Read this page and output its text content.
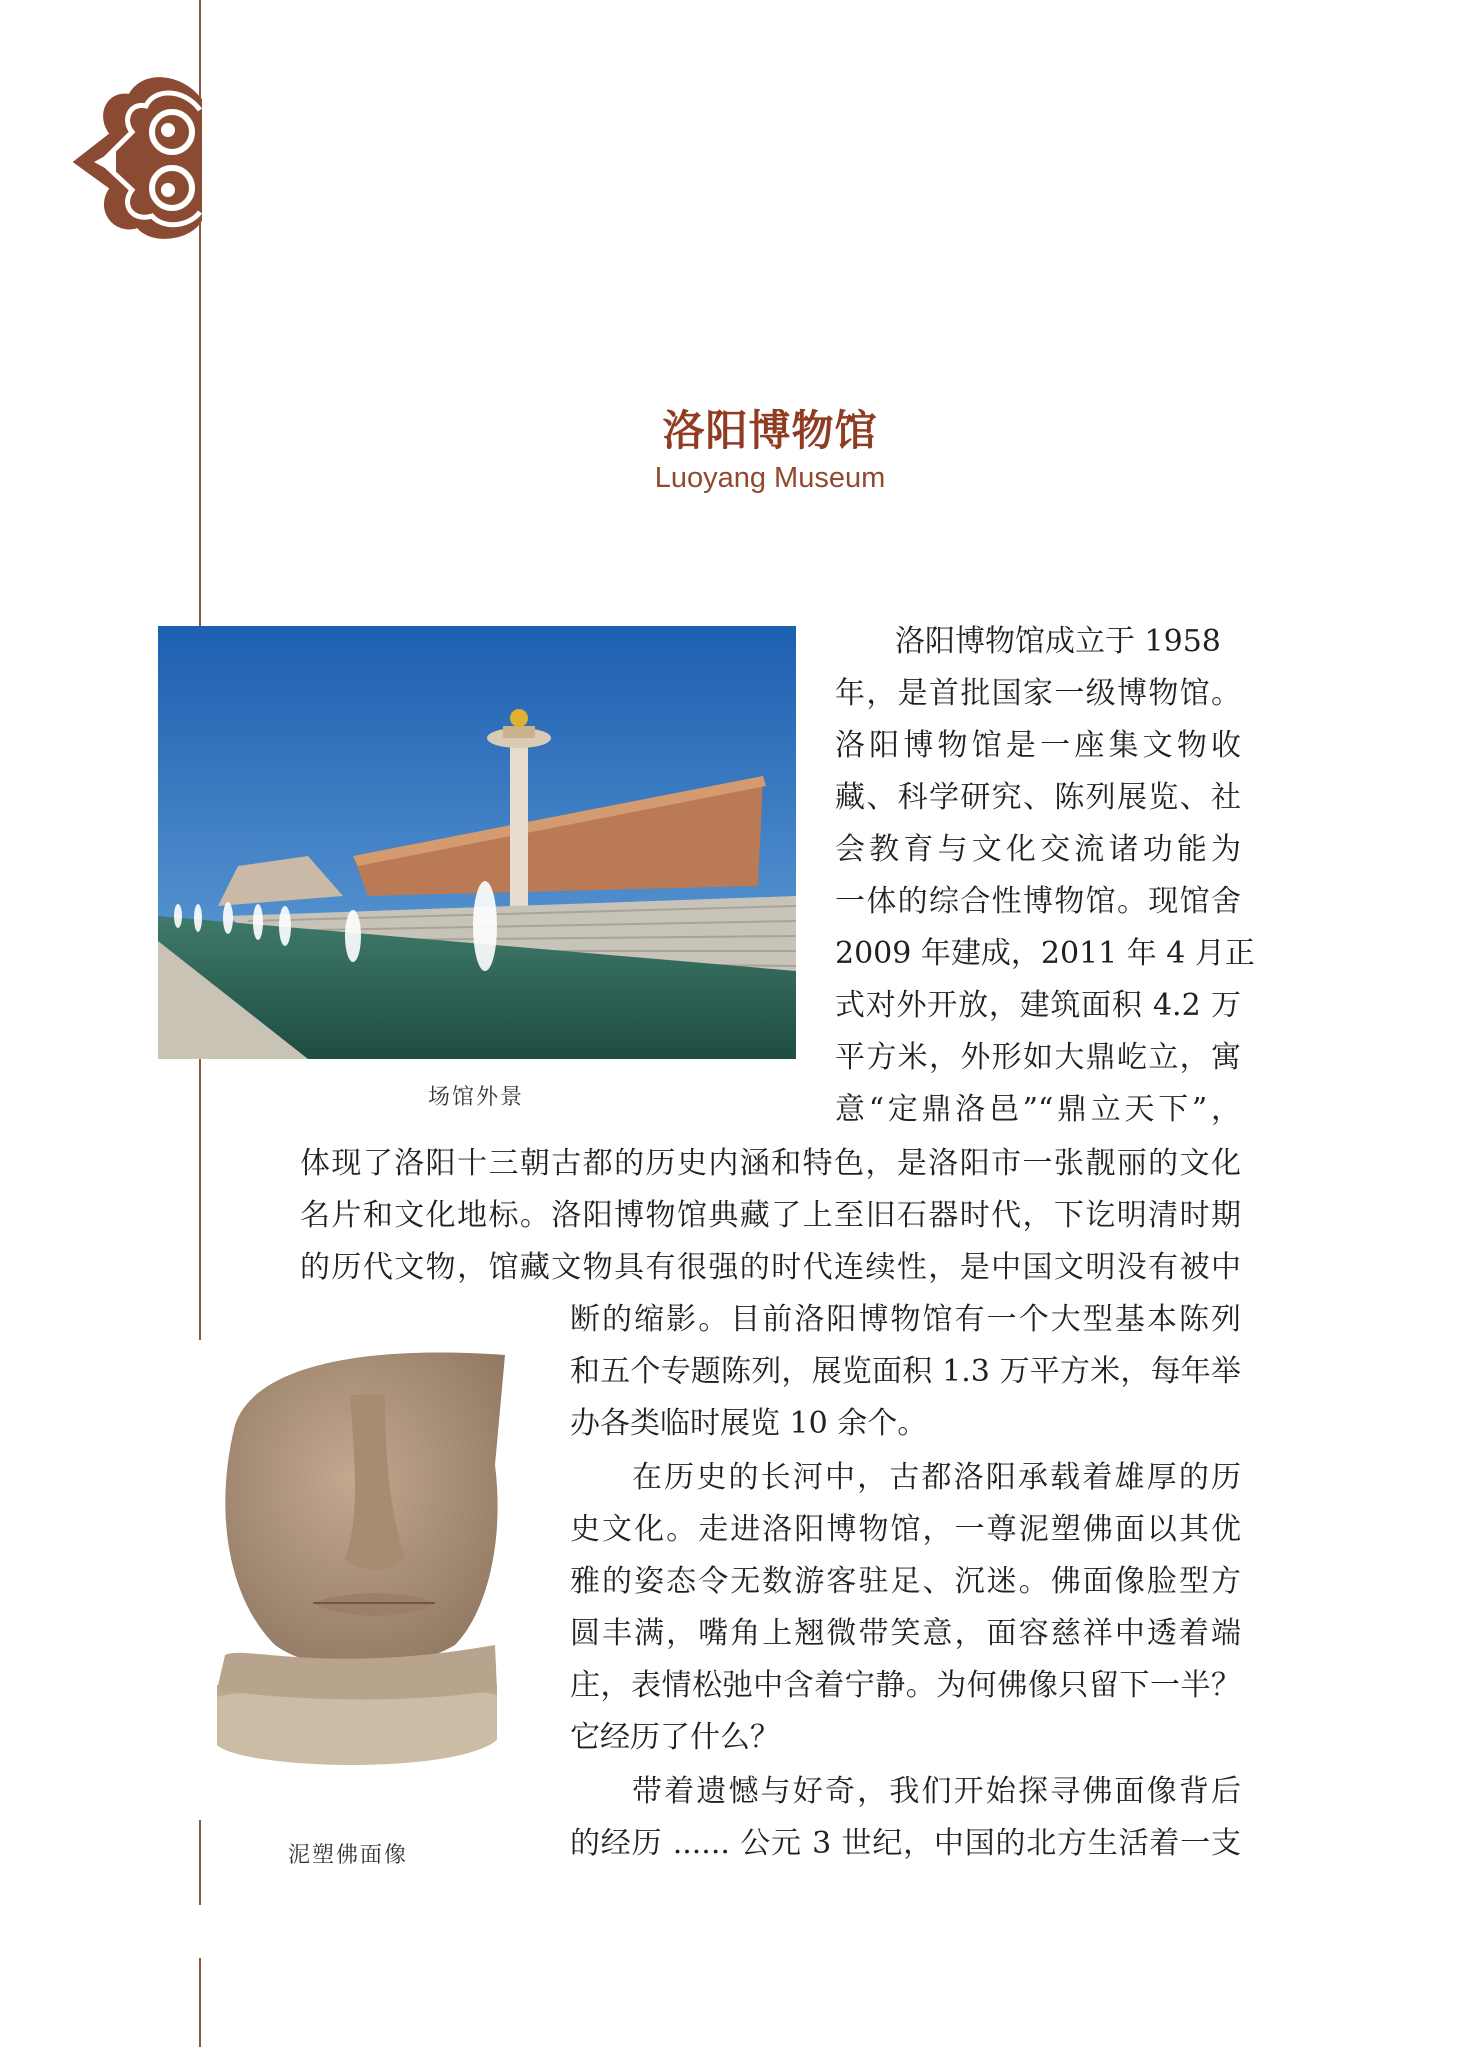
洛阳博物馆
Luoyang Museum
场馆外景
泥塑佛面像
洛阳博物馆成立于 1958
年，是首批国家一级博物馆。
洛阳博物馆是一座集文物收
藏、科学研究、陈列展览、社
会教育与文化交流诸功能为
一体的综合性博物馆。现馆舍
2009 年建成，2011 年 4 月正
式对外开放，建筑面积 4.2 万
平方米，外形如大鼎屹立，寓
意“定鼎洛邑”“鼎立天下”，
体现了洛阳十三朝古都的历史内涵和特色，是洛阳市一张靓丽的文化
名片和文化地标。洛阳博物馆典藏了上至旧石器时代，下讫明清时期
的历代文物，馆藏文物具有很强的时代连续性，是中国文明没有被中
断的缩影。目前洛阳博物馆有一个大型基本陈列
和五个专题陈列，展览面积 1.3 万平方米，每年举
办各类临时展览 10 余个。
在历史的长河中，古都洛阳承载着雄厚的历
史文化。走进洛阳博物馆，一尊泥塑佛面以其优
雅的姿态令无数游客驻足、沉迷。佛面像脸型方
圆丰满，嘴角上翘微带笑意，面容慈祥中透着端
庄，表情松弛中含着宁静。为何佛像只留下一半？
它经历了什么？
带着遗憾与好奇，我们开始探寻佛面像背后
的经历 ...... 公元 3 世纪，中国的北方生活着一支
